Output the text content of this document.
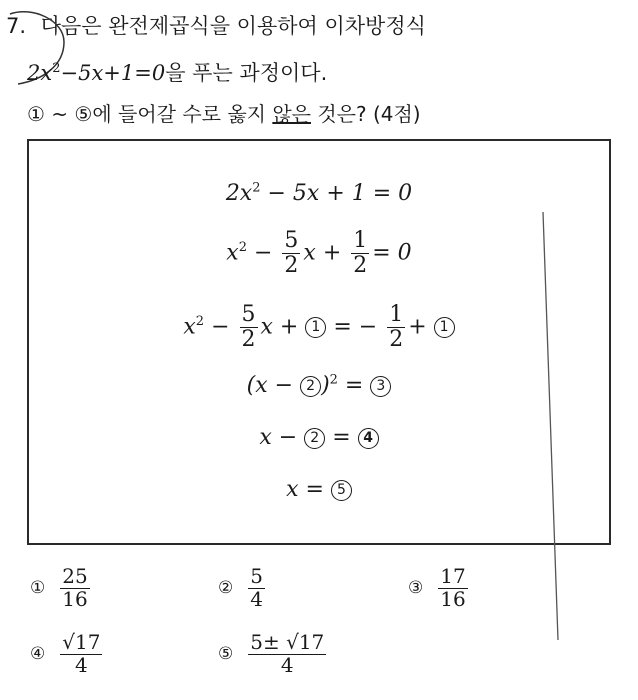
7. 다음은 완전제곱식을 이용하여 이차방정식
$2x^2-5x+1=0$을 푸는 과정이다.
① ~ ⑤에 들어갈 수로 옳지 않은 것은? (4점)
$2x^2 - 5x + 1 = 0$
$x^2 - \frac{5}{2}$ $x + \frac{1}{2} = 0$
$x^2 - \frac{5}{2}$ x + 1 = − $\frac{1}{2} + 1$
(x − 2 )$^2$ = 3
x − 2 = 4
x = 5
① $\frac{25}{16}$	② $\frac{5}{4}$	③ $\frac{17}{16}$
④ $\frac{√17}{4}$	⑤ $\frac{5\pm √17}{4}$
